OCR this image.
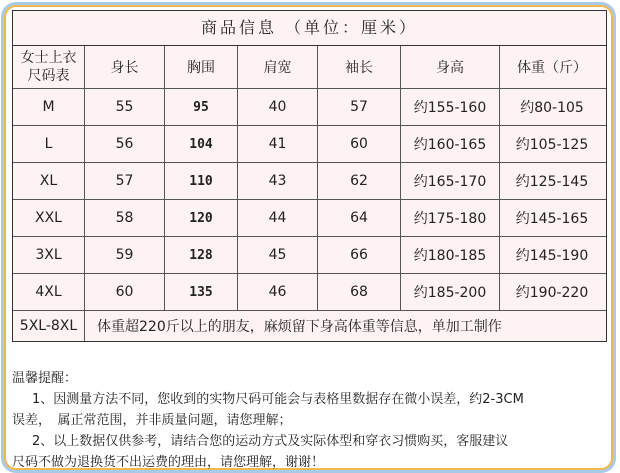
商品信息 （单位：厘米）
女士上衣
尺码表	身长	胸围	肩宽	袖长	身高	体重（斤）
M	55	95	40	57	约155-160	约80-105
L	56	104	41	60	约160-165	约105-125
XL	57	110	43	62	约165-170	约125-145
XXL	58	120	44	64	约175-180	约145-165
3XL	59	128	45	66	约180-185	约145-190
4XL	60	135	46	68	约185-200	约190-220
5XL-8XL	体重超220斤以上的朋友，麻烦留下身高体重等信息，单加工制作

温馨提醒：

1、因测量方法不同，您收到的实物尺码可能会与表格里数据存在微小误差，约2-3CM

误差，　属正常范围，并非质量问题，请您理解；

2、以上数据仅供参考，请结合您的运动方式及实际体型和穿衣习惯购买，客服建议

尺码不做为退换货不出运费的理由，请您理解，谢谢！
